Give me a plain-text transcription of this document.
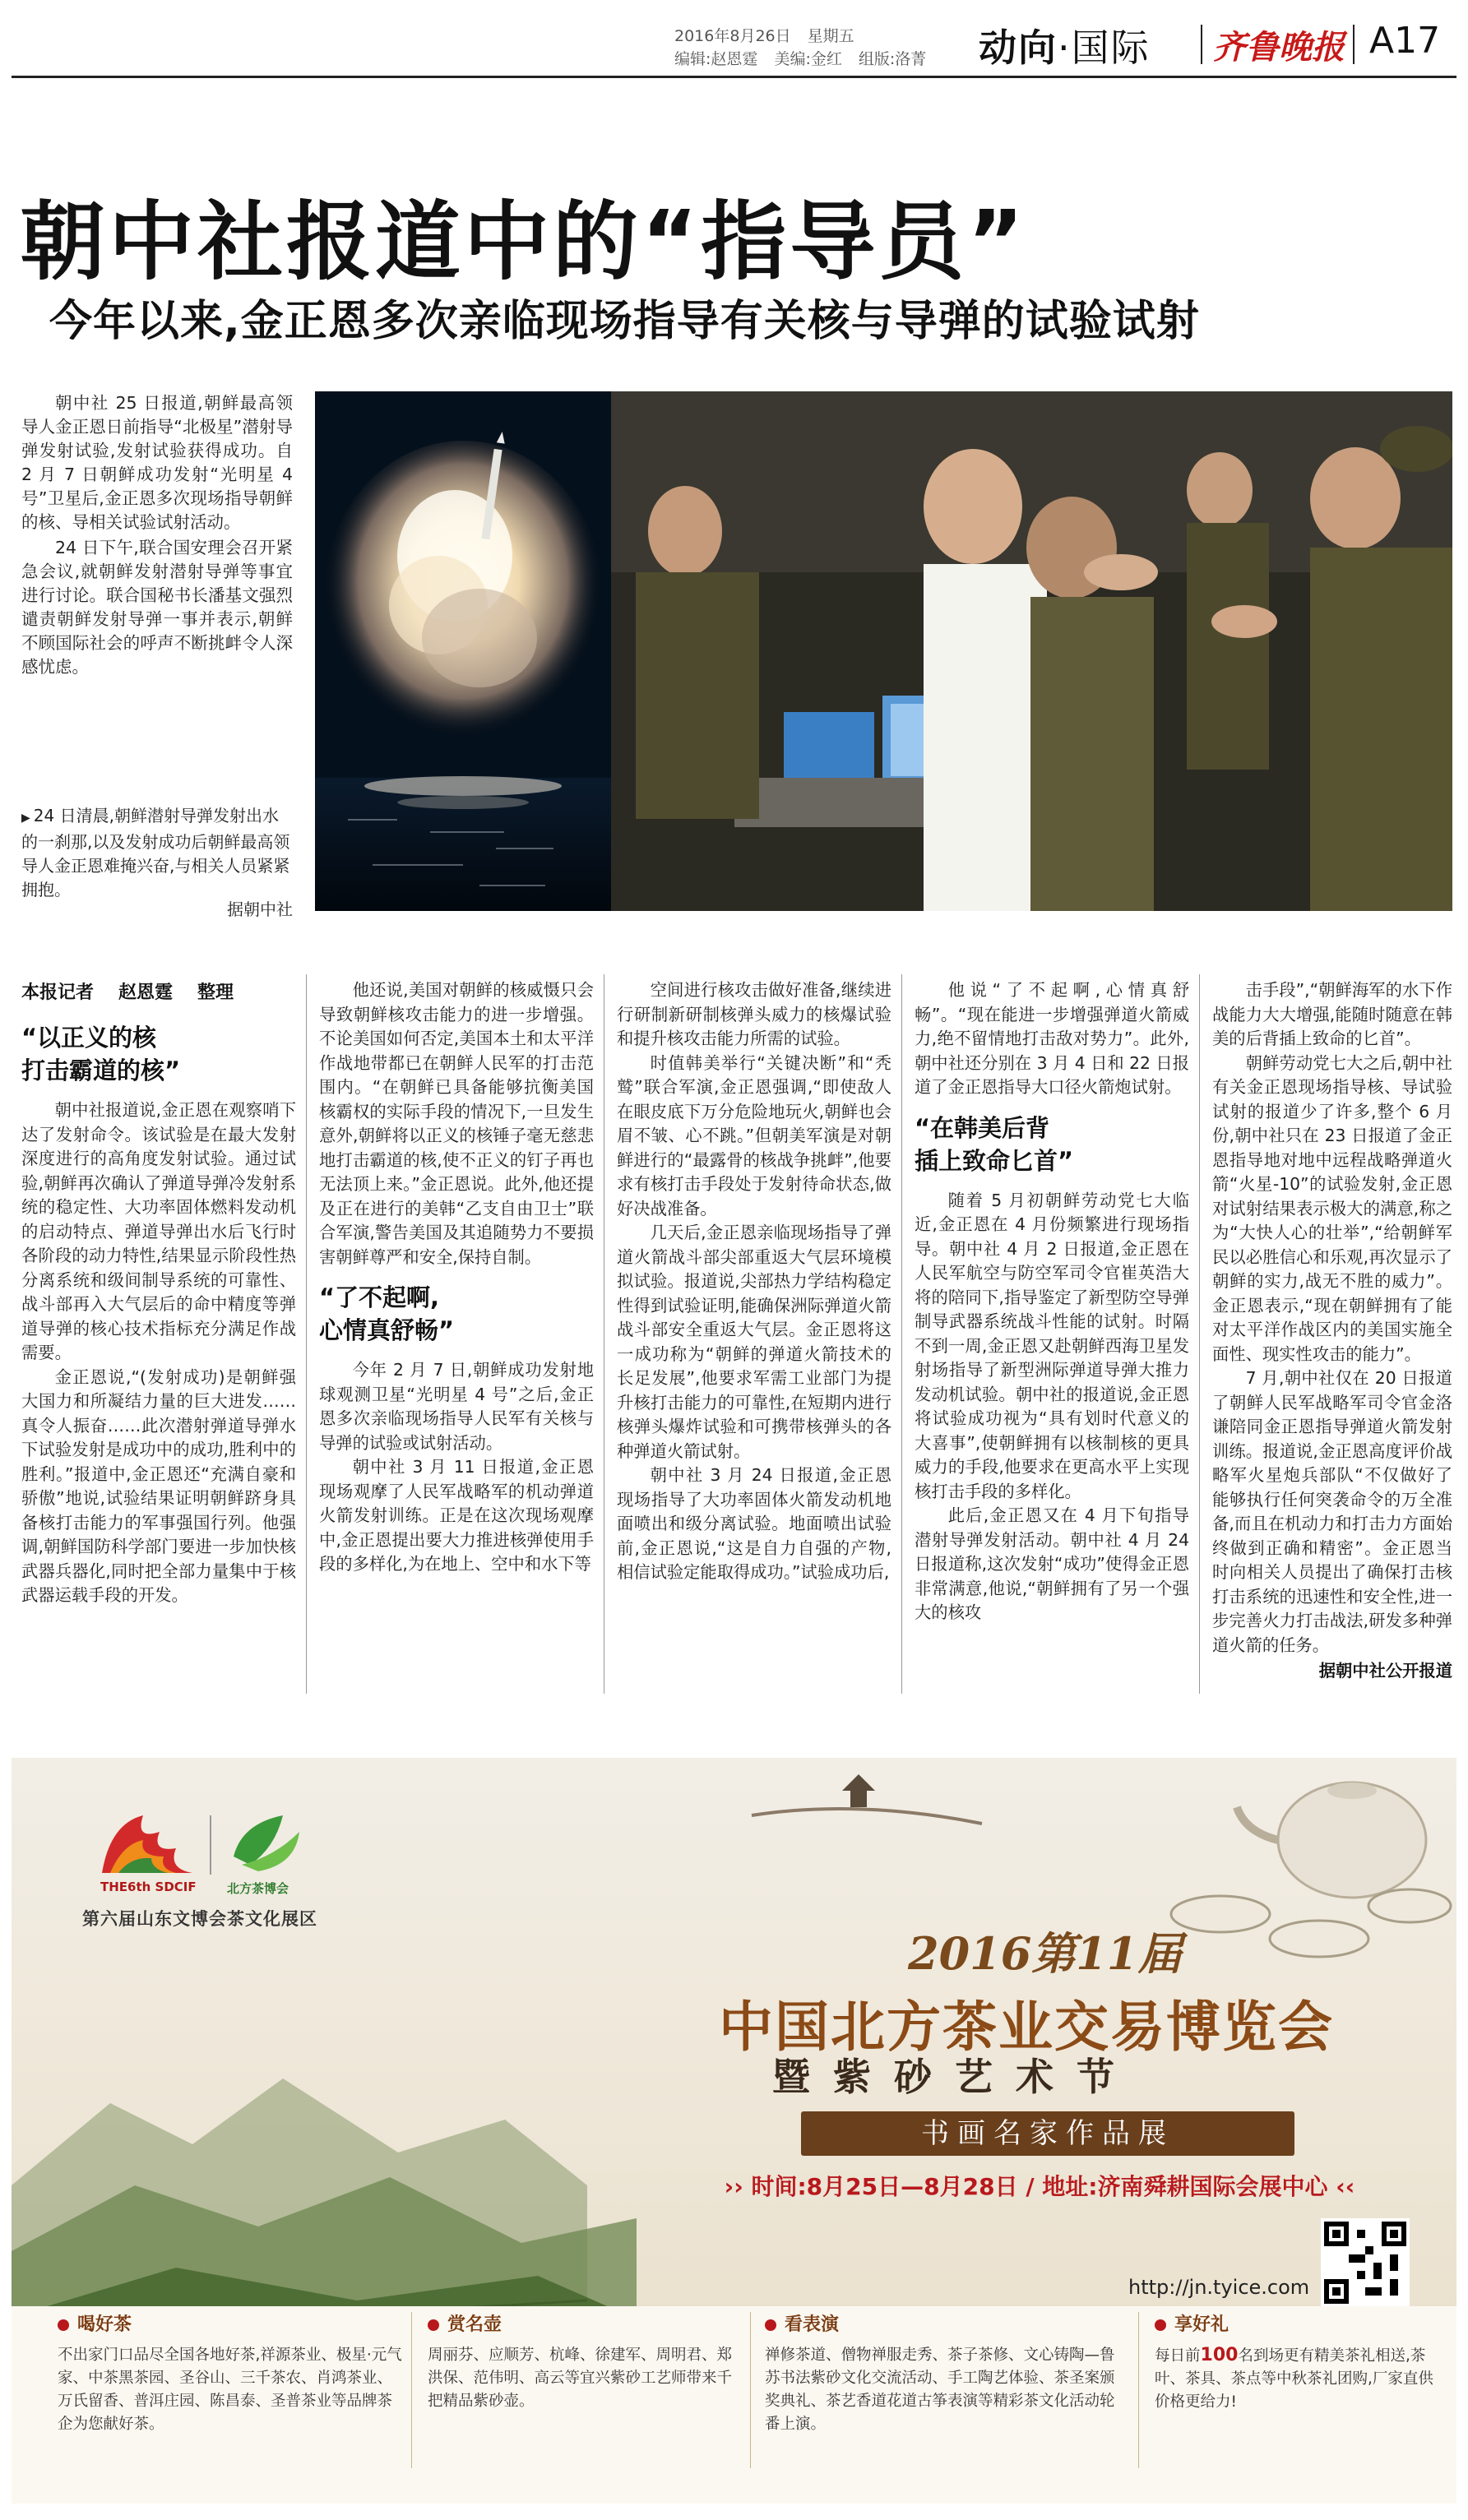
2016年8月26日 星期五
编辑:赵恩霆 美编:金红 组版:洛菁	动向·国际 齐鲁晚报 A17
朝中社报道中的“指导员”
今年以来,金正恩多次亲临现场指导有关核与导弹的试验试射

朝中社 25 日报道,朝鲜最高领导人金正恩日前指导“北极星”潜射导弹发射试验,发射试验获得成功。自 2 月 7 日朝鲜成功发射“光明星 4 号”卫星后,金正恩多次现场指导朝鲜的核、导相关试验试射活动。

24 日下午,联合国安理会召开紧急会议,就朝鲜发射潜射导弹等事宜进行讨论。联合国秘书长潘基文强烈谴责朝鲜发射导弹一事并表示,朝鲜不顾国际社会的呼声不断挑衅令人深感忧虑。

▶ 24 日清晨,朝鲜潜射导弹发射出水的一刹那,以及发射成功后朝鲜最高领导人金正恩难掩兴奋,与相关人员紧紧拥抱。
据朝中社
本报记者 赵恩霆 整理
“以正义的核
打击霸道的核”

朝中社报道说,金正恩在观察哨下达了发射命令。该试验是在最大发射深度进行的高角度发射试验。通过试验,朝鲜再次确认了弹道导弹冷发射系统的稳定性、大功率固体燃料发动机的启动特点、弹道导弹出水后飞行时各阶段的动力特性,结果显示阶段性热分离系统和级间制导系统的可靠性、战斗部再入大气层后的命中精度等弹道导弹的核心技术指标充分满足作战需要。

金正恩说,“(发射成功)是朝鲜强大国力和所凝结力量的巨大进发……真令人振奋……此次潜射弹道导弹水下试验发射是成功中的成功,胜利中的胜利。”报道中,金正恩还“充满自豪和骄傲”地说,试验结果证明朝鲜跻身具备核打击能力的军事强国行列。他强调,朝鲜国防科学部门要进一步加快核武器兵器化,同时把全部力量集中于核武器运载手段的开发。

他还说,美国对朝鲜的核威慑只会导致朝鲜核攻击能力的进一步增强。不论美国如何否定,美国本土和太平洋作战地带都已在朝鲜人民军的打击范围内。“在朝鲜已具备能够抗衡美国核霸权的实际手段的情况下,一旦发生意外,朝鲜将以正义的核锤子毫无慈悲地打击霸道的核,使不正义的钉子再也无法顶上来。”金正恩说。此外,他还提及正在进行的美韩“乙支自由卫士”联合军演,警告美国及其追随势力不要损害朝鲜尊严和安全,保持自制。

“了不起啊,
心情真舒畅”

今年 2 月 7 日,朝鲜成功发射地球观测卫星“光明星 4 号”之后,金正恩多次亲临现场指导人民军有关核与导弹的试验或试射活动。

朝中社 3 月 11 日报道,金正恩现场观摩了人民军战略军的机动弹道火箭发射训练。正是在这次现场观摩中,金正恩提出要大力推进核弹使用手段的多样化,为在地上、空中和水下等

空间进行核攻击做好准备,继续进行研制新研制核弹头威力的核爆试验和提升核攻击能力所需的试验。

时值韩美举行“关键决断”和“秃鹫”联合军演,金正恩强调,“即使敌人在眼皮底下万分危险地玩火,朝鲜也会眉不皱、心不跳。”但朝美军演是对朝鲜进行的“最露骨的核战争挑衅”,他要求有核打击手段处于发射待命状态,做好决战准备。

几天后,金正恩亲临现场指导了弹道火箭战斗部尖部重返大气层环境模拟试验。报道说,尖部热力学结构稳定性得到试验证明,能确保洲际弹道火箭战斗部安全重返大气层。金正恩将这一成功称为“朝鲜的弹道火箭技术的长足发展”,他要求军需工业部门为提升核打击能力的可靠性,在短期内进行核弹头爆炸试验和可携带核弹头的各种弹道火箭试射。

朝中社 3 月 24 日报道,金正恩现场指导了大功率固体火箭发动机地面喷出和级分离试验。地面喷出试验前,金正恩说,“这是自力自强的产物,相信试验定能取得成功。”试验成功后,

他说“了不起啊,心情真舒畅”。“现在能进一步增强弹道火箭威力,绝不留情地打击敌对势力”。此外,朝中社还分别在 3 月 4 日和 22 日报道了金正恩指导大口径火箭炮试射。

“在韩美后背
插上致命匕首”

随着 5 月初朝鲜劳动党七大临近,金正恩在 4 月份频繁进行现场指导。朝中社 4 月 2 日报道,金正恩在人民军航空与防空军司令官崔英浩大将的陪同下,指导鉴定了新型防空导弹制导武器系统战斗性能的试射。时隔不到一周,金正恩又赴朝鲜西海卫星发射场指导了新型洲际弹道导弹大推力发动机试验。朝中社的报道说,金正恩将试验成功视为“具有划时代意义的大喜事”,使朝鲜拥有以核制核的更具威力的手段,他要求在更高水平上实现核打击手段的多样化。

此后,金正恩又在 4 月下旬指导潜射导弹发射活动。朝中社 4 月 24 日报道称,这次发射“成功”使得金正恩非常满意,他说,“朝鲜拥有了另一个强大的核攻

击手段”,“朝鲜海军的水下作战能力大大增强,能随时随意在韩美的后背插上致命的匕首”。

朝鲜劳动党七大之后,朝中社有关金正恩现场指导核、导试验试射的报道少了许多,整个 6 月份,朝中社只在 23 日报道了金正恩指导地对地中远程战略弹道火箭“火星-10”的试验发射,金正恩对试射结果表示极大的满意,称之为“大快人心的壮举”,“给朝鲜军民以必胜信心和乐观,再次显示了朝鲜的实力,战无不胜的威力”。金正恩表示,“现在朝鲜拥有了能对太平洋作战区内的美国实施全面性、现实性攻击的能力”。

7 月,朝中社仅在 20 日报道了朝鲜人民军战略军司令官金洛谦陪同金正恩指导弹道火箭发射训练。报道说,金正恩高度评价战略军火星炮兵部队“不仅做好了能够执行任何突袭命令的万全准备,而且在机动力和打击力方面始终做到正确和精密”。金正恩当时向相关人员提出了确保打击核打击系统的迅速性和安全性,进一步完善火力打击战法,研发多种弹道火箭的任务。

据朝中社公开报道
THE6th SDCIF 北方茶博会
第六届山东文博会茶文化展区
2016第11届
中国北方茶业交易博览会
暨紫砂艺术节
书画名家作品展
›› 时间:8月25日—8月28日 / 地址:济南舜耕国际会展中心 ‹‹
http://jn.tyice.com
喝好茶
不出家门口品尽全国各地好茶,祥源茶业、极星·元气家、中茶黑茶园、圣谷山、三千茶农、肖鸿茶业、万氏留香、普洱庄园、陈昌泰、圣普茶业等品牌茶企为您献好茶。
赏名壶
周丽芬、应顺芳、杭峰、徐建军、周明君、郑洪保、范伟明、高云等宜兴紫砂工艺师带来千把精品紫砂壶。
看表演
禅修茶道、僧物禅服走秀、茶子茶修、文心铸陶—鲁苏书法紫砂文化交流活动、手工陶艺体验、茶圣案颁奖典礼、茶艺香道花道古筝表演等精彩茶文化活动轮番上演。
享好礼
每日前100名到场更有精美茶礼相送,茶叶、茶具、茶点等中秋茶礼团购,厂家直供价格更给力!
